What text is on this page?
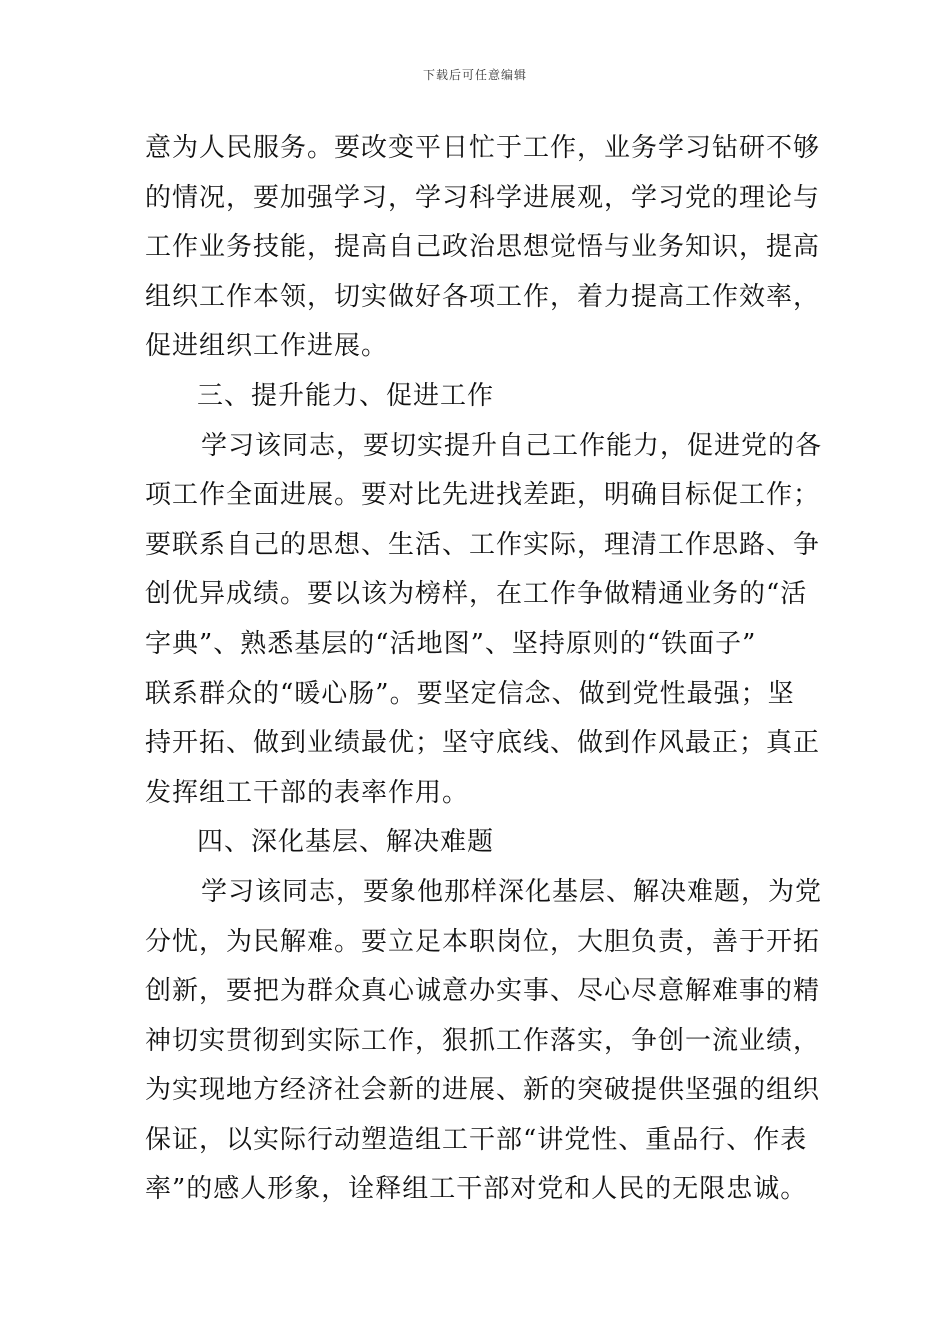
下载后可任意编辑
意为人民服务。要改变平日忙于工作，业务学习钻研不够
的情况，要加强学习，学习科学进展观，学习党的理论与
工作业务技能，提高自己政治思想觉悟与业务知识，提高
组织工作本领，切实做好各项工作，着力提高工作效率，
促进组织工作进展。
三、提升能力、促进工作
学习该同志，要切实提升自己工作能力，促进党的各
项工作全面进展。要对比先进找差距，明确目标促工作；
要联系自己的思想、生活、工作实际，理清工作思路、争
创优异成绩。要以该为榜样，在工作争做精通业务的“活
字典”、熟悉基层的“活地图”、坚持原则的“铁面子”
联系群众的“暖心肠”。要坚定信念、做到党性最强；坚
持开拓、做到业绩最优；坚守底线、做到作风最正；真正
发挥组工干部的表率作用。
四、深化基层、解决难题
学习该同志，要象他那样深化基层、解决难题，为党
分忧，为民解难。要立足本职岗位，大胆负责，善于开拓
创新，要把为群众真心诚意办实事、尽心尽意解难事的精
神切实贯彻到实际工作，狠抓工作落实，争创一流业绩，
为实现地方经济社会新的进展、新的突破提供坚强的组织
保证，以实际行动塑造组工干部“讲党性、重品行、作表
率”的感人形象，诠释组工干部对党和人民的无限忠诚。
